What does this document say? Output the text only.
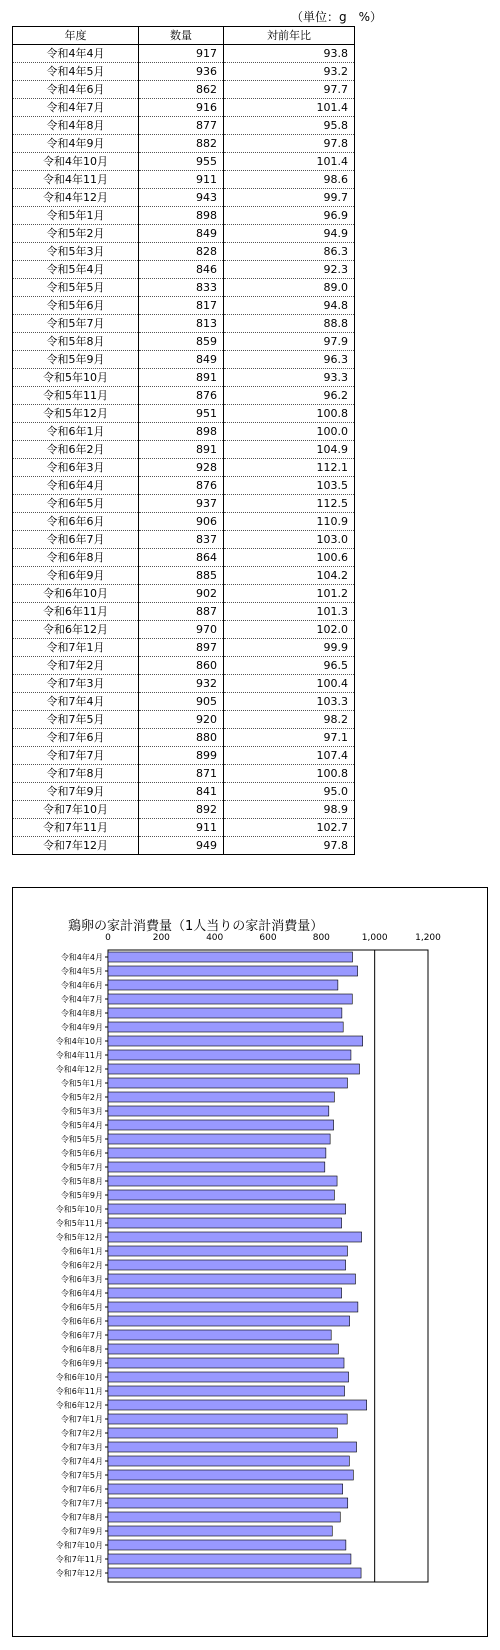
（単位：g　%）
年度	数量	対前年比
令和4年4月	917	93.8
令和4年5月	936	93.2
令和4年6月	862	97.7
令和4年7月	916	101.4
令和4年8月	877	95.8
令和4年9月	882	97.8
令和4年10月	955	101.4
令和4年11月	911	98.6
令和4年12月	943	99.7
令和5年1月	898	96.9
令和5年2月	849	94.9
令和5年3月	828	86.3
令和5年4月	846	92.3
令和5年5月	833	89.0
令和5年6月	817	94.8
令和5年7月	813	88.8
令和5年8月	859	97.9
令和5年9月	849	96.3
令和5年10月	891	93.3
令和5年11月	876	96.2
令和5年12月	951	100.8
令和6年1月	898	100.0
令和6年2月	891	104.9
令和6年3月	928	112.1
令和6年4月	876	103.5
令和6年5月	937	112.5
令和6年6月	906	110.9
令和6年7月	837	103.0
令和6年8月	864	100.6
令和6年9月	885	104.2
令和6年10月	902	101.2
令和6年11月	887	101.3
令和6年12月	970	102.0
令和7年1月	897	99.9
令和7年2月	860	96.5
令和7年3月	932	100.4
令和7年4月	905	103.3
令和7年5月	920	98.2
令和7年6月	880	97.1
令和7年7月	899	107.4
令和7年8月	871	100.8
令和7年9月	841	95.0
令和7年10月	892	98.9
令和7年11月	911	102.7
令和7年12月	949	97.8
鶏卵の家計消費量（1人当りの家計消費量）
0	200	400	600	800	1,000	1,200
令和4年4月
令和4年5月
令和4年6月
令和4年7月
令和4年8月
令和4年9月
令和4年10月
令和4年11月
令和4年12月
令和5年1月
令和5年2月
令和5年3月
令和5年4月
令和5年5月
令和5年6月
令和5年7月
令和5年8月
令和5年9月
令和5年10月
令和5年11月
令和5年12月
令和6年1月
令和6年2月
令和6年3月
令和6年4月
令和6年5月
令和6年6月
令和6年7月
令和6年8月
令和6年9月
令和6年10月
令和6年11月
令和6年12月
令和7年1月
令和7年2月
令和7年3月
令和7年4月
令和7年5月
令和7年6月
令和7年7月
令和7年8月
令和7年9月
令和7年10月
令和7年11月
令和7年12月
